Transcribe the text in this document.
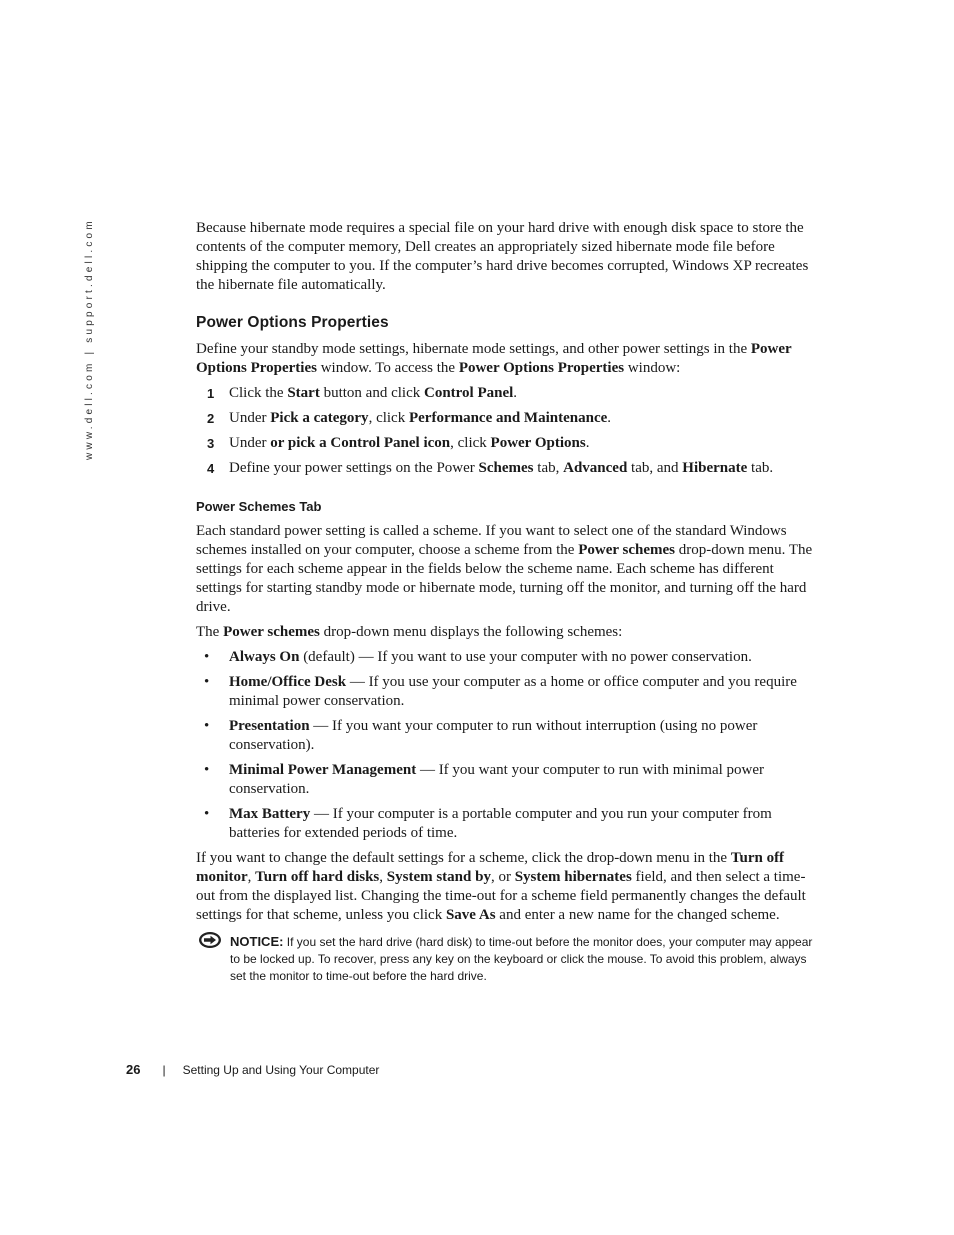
www.dell.com | support.dell.com	Because hibernate mode requires a special file on your hard drive with enough disk space to store the contents of the computer memory, Dell creates an appropriately sized hibernate mode file before shipping the computer to you. If the computer’s hard drive becomes corrupted, Windows XP recreates the hibernate file automatically.

Power Options Properties

Define your standby mode settings, hibernate mode settings, and other power settings in the Power Options Properties window. To access the Power Options Properties window:

1 Click the Start button and click Control Panel.
2 Under Pick a category, click Performance and Maintenance.
3 Under or pick a Control Panel icon, click Power Options.
4 Define your power settings on the Power Schemes tab, Advanced tab, and Hibernate tab.
Power Schemes Tab

Each standard power setting is called a scheme. If you want to select one of the standard Windows schemes installed on your computer, choose a scheme from the Power schemes drop-down menu. The settings for each scheme appear in the fields below the scheme name. Each scheme has different settings for starting standby mode or hibernate mode, turning off the monitor, and turning off the hard drive.

The Power schemes drop-down menu displays the following schemes:

• Always On (default) — If you want to use your computer with no power conservation.
• Home/Office Desk — If you use your computer as a home or office computer and you require minimal power conservation.
• Presentation — If you want your computer to run without interruption (using no power conservation).
• Minimal Power Management — If you want your computer to run with minimal power conservation.
• Max Battery — If your computer is a portable computer and you run your computer from batteries for extended periods of time.

If you want to change the default settings for a scheme, click the drop-down menu in the Turn off monitor, Turn off hard disks, System stand by, or System hibernates field, and then select a time-out from the displayed list. Changing the time-out for a scheme field permanently changes the default settings for that scheme, unless you click Save As and enter a new name for the changed scheme.

NOTICE: If you set the hard drive (hard disk) to time-out before the monitor does, your computer may appear to be locked up. To recover, press any key on the keyboard or click the mouse. To avoid this problem, always set the monitor to time-out before the hard drive.
26 | Setting Up and Using Your Computer
